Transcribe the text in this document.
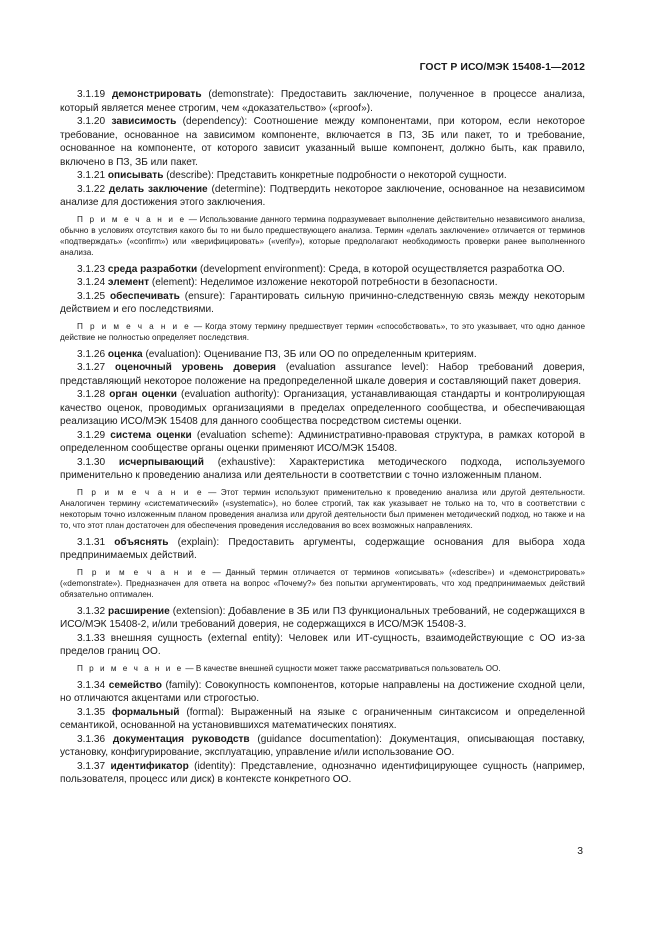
ГОСТ Р ИСО/МЭК 15408-1—2012

3.1.19 демонстрировать (demonstrate): Предоставить заключение, полученное в процессе анализа, который является менее строгим, чем «доказательство» («proof»).

3.1.20 зависимость (dependency): Соотношение между компонентами, при котором, если некоторое требование, основанное на зависимом компоненте, включается в ПЗ, ЗБ или пакет, то и требование, основанное на компоненте, от которого зависит указанный выше компонент, должно быть, как правило, включено в ПЗ, ЗБ или пакет.

3.1.21 описывать (describe): Представить конкретные подробности о некоторой сущности.

3.1.22 делать заключение (determine): Подтвердить некоторое заключение, основанное на независимом анализе для достижения этого заключения.

П р и м е ч а н и е — Использование данного термина подразумевает выполнение действительно независимого анализа, обычно в условиях отсутствия какого бы то ни было предшествующего анализа. Термин «делать заключение» отличается от терминов «подтверждать» («confirm») или «верифицировать» («verify»), которые предполагают необходимость проверки ранее выполненного анализа.

3.1.23 среда разработки (development environment): Среда, в которой осуществляется разработка ОО.

3.1.24 элемент (element): Неделимое изложение некоторой потребности в безопасности.

3.1.25 обеспечивать (ensure): Гарантировать сильную причинно-следственную связь между некоторым действием и его последствиями.

П р и м е ч а н и е — Когда этому термину предшествует термин «способствовать», то это указывает, что одно данное действие не полностью определяет последствия.

3.1.26 оценка (evaluation): Оценивание ПЗ, ЗБ или ОО по определенным критериям.

3.1.27 оценочный уровень доверия (evaluation assurance level): Набор требований доверия, представляющий некоторое положение на предопределенной шкале доверия и составляющий пакет доверия.

3.1.28 орган оценки (evaluation authority): Организация, устанавливающая стандарты и контролирующая качество оценок, проводимых организациями в пределах определенного сообщества, и обеспечивающая реализацию ИСО/МЭК 15408 для данного сообщества посредством системы оценки.

3.1.29 система оценки (evaluation scheme): Административно-правовая структура, в рамках которой в определенном сообществе органы оценки применяют ИСО/МЭК 15408.

3.1.30 исчерпывающий (exhaustive): Характеристика методического подхода, используемого применительно к проведению анализа или деятельности в соответствии с точно изложенным планом.

П р и м е ч а н и е — Этот термин используют применительно к проведению анализа или другой деятельности. Аналогичен термину «систематический» («systematic»), но более строгий, так как указывает не только на то, что в соответствии с некоторым точно изложенным планом проведения анализа или другой деятельности был применен методический подход, но также и на то, что этот план достаточен для обеспечения проведения исследования во всех возможных направлениях.

3.1.31 объяснять (explain): Предоставить аргументы, содержащие основания для выбора хода предпринимаемых действий.

П р и м е ч а н и е — Данный термин отличается от терминов «описывать» («describe») и «демонстрировать» («demonstrate»). Предназначен для ответа на вопрос «Почему?» без попытки аргументировать, что ход предпринимаемых действий обязательно оптимален.

3.1.32 расширение (extension): Добавление в ЗБ или ПЗ функциональных требований, не содержащихся в ИСО/МЭК 15408-2, и/или требований доверия, не содержащихся в ИСО/МЭК 15408-3.

3.1.33 внешняя сущность (external entity): Человек или ИТ-сущность, взаимодействующие с ОО из-за пределов границ ОО.

П р и м е ч а н и е — В качестве внешней сущности может также рассматриваться пользователь ОО.

3.1.34 семейство (family): Совокупность компонентов, которые направлены на достижение сходной цели, но отличаются акцентами или строгостью.

3.1.35 формальный (formal): Выраженный на языке с ограниченным синтаксисом и определенной семантикой, основанной на установившихся математических понятиях.

3.1.36 документация руководств (guidance documentation): Документация, описывающая поставку, установку, конфигурирование, эксплуатацию, управление и/или использование ОО.

3.1.37 идентификатор (identity): Представление, однозначно идентифицирующее сущность (например, пользователя, процесс или диск) в контексте конкретного ОО.

3
